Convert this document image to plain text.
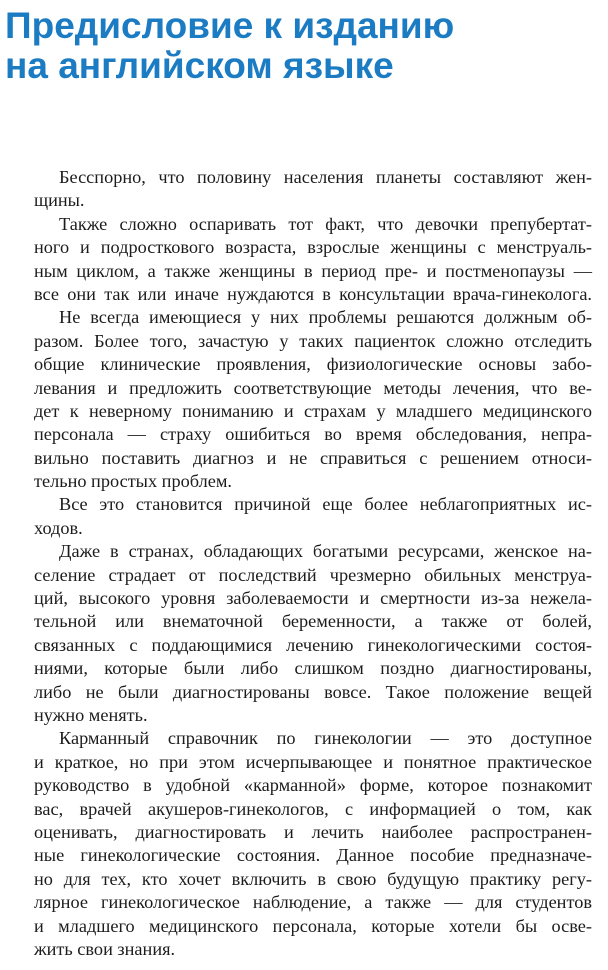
Предисловие к изданию
на английском языке
Бесспорно, что половину населения планеты составляют жен-
щины.
Также сложно оспаривать тот факт, что девочки препубертат-
ного и подросткового возраста, взрослые женщины с менструаль-
ным циклом, а также женщины в период пре- и постменопаузы —
все они так или иначе нуждаются в консультации врача-гинеколога.
Не всегда имеющиеся у них проблемы решаются должным об-
разом. Более того, зачастую у таких пациенток сложно отследить
общие клинические проявления, физиологические основы забо-
левания и предложить соответствующие методы лечения, что ве-
дет к неверному пониманию и страхам у младшего медицинского
персонала — страху ошибиться во время обследования, непра-
вильно поставить диагноз и не справиться с решением относи-
тельно простых проблем.
Все это становится причиной еще более неблагоприятных ис-
ходов.
Даже в странах, обладающих богатыми ресурсами, женское на-
селение страдает от последствий чрезмерно обильных менструа-
ций, высокого уровня заболеваемости и смертности из-за нежела-
тельной или внематочной беременности, а также от болей,
связанных с поддающимися лечению гинекологическими состоя-
ниями, которые были либо слишком поздно диагностированы,
либо не были диагностированы вовсе. Такое положение вещей
нужно менять.
Карманный справочник по гинекологии — это доступное
и краткое, но при этом исчерпывающее и понятное практическое
руководство в удобной «карманной» форме, которое познакомит
вас, врачей акушеров-гинекологов, с информацией о том, как
оценивать, диагностировать и лечить наиболее распространен-
ные гинекологические состояния. Данное пособие предназначе-
но для тех, кто хочет включить в свою будущую практику регу-
лярное гинекологическое наблюдение, а также — для студентов
и младшего медицинского персонала, которые хотели бы осве-
жить свои знания.
